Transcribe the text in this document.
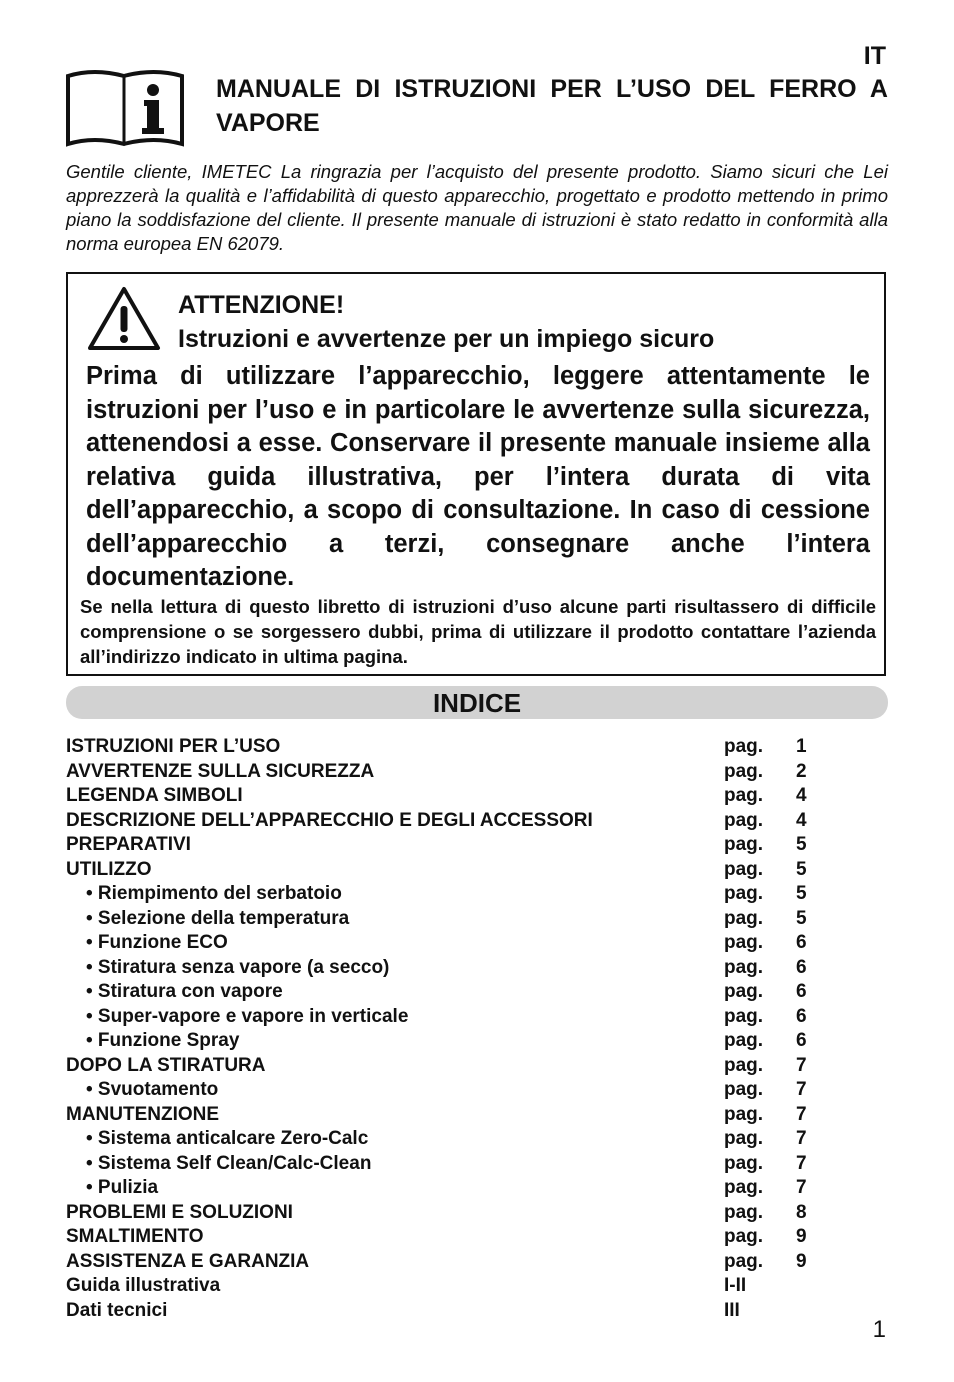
IT
MANUALE DI ISTRUZIONI PER L’USO DEL FERRO A VAPORE
Gentile cliente, IMETEC La ringrazia per l’acquisto del presente prodotto. Siamo sicuri che Lei apprezzerà la qualità e l’affidabilità di questo apparecchio, progettato e prodotto mettendo in primo piano la soddisfazione del cliente. Il presente manuale di istruzioni è stato redatto in conformità alla norma europea EN 62079.
ATTENZIONE!
Istruzioni e avvertenze per un impiego sicuro
Prima di utilizzare l’apparecchio, leggere attentamente le istruzioni per l’uso e in particolare le avvertenze sulla sicurezza, attenendosi a esse. Conservare il presente manuale insieme alla relativa guida illustrativa, per l’intera durata di vita dell’apparecchio, a scopo di consultazione. In caso di cessione dell’apparecchio a terzi, consegnare anche l’intera documentazione.
Se nella lettura di questo libretto di istruzioni d’uso alcune parti risultassero di difficile comprensione o se sorgessero dubbi, prima di utilizzare il prodotto contattare l’azienda all’indirizzo indicato in ultima pagina.
INDICE
ISTRUZIONI PER L’USO	pag. 1
AVVERTENZE SULLA SICUREZZA	pag. 2
LEGENDA SIMBOLI	pag. 4
DESCRIZIONE DELL’APPARECCHIO E DEGLI ACCESSORI	pag. 4
PREPARATIVI	pag. 5
UTILIZZO	pag. 5
• Riempimento del serbatoio	pag. 5
• Selezione della temperatura	pag. 5
• Funzione ECO	pag. 6
• Stiratura senza vapore (a secco)	pag. 6
• Stiratura con vapore	pag. 6
• Super-vapore e vapore in verticale	pag. 6
• Funzione Spray	pag. 6
DOPO LA STIRATURA	pag. 7
• Svuotamento	pag. 7
MANUTENZIONE	pag. 7
• Sistema anticalcare Zero-Calc	pag. 7
• Sistema Self Clean/Calc-Clean	pag. 7
• Pulizia	pag. 7
PROBLEMI E SOLUZIONI	pag. 8
SMALTIMENTO	pag. 9
ASSISTENZA E GARANZIA	pag. 9
Guida illustrativa	I-II
Dati tecnici	III
1
